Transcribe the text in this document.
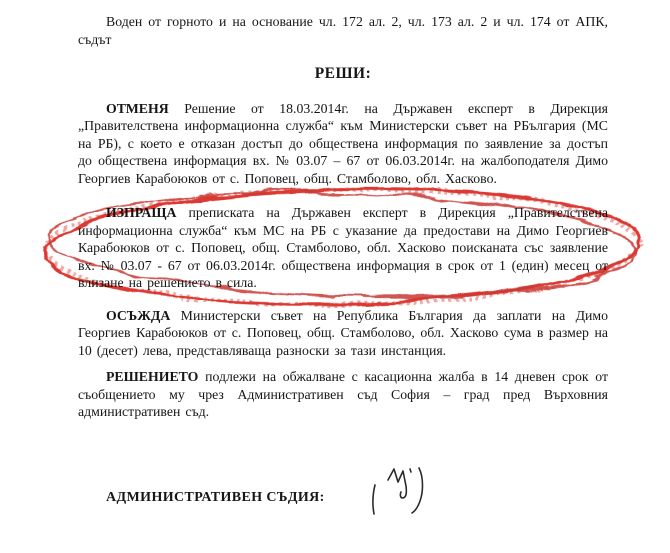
Воден от горното и на основание чл. 172 ал. 2, чл. 173 ал. 2 и чл. 174 от АПК, съдът

РЕШИ:

ОТМЕНЯ Решение от 18.03.2014г. на Държавен експерт в Дирекция „Правителствена информационна служба“ към Министерски съвет на РБългария (МС на РБ), с което е отказан достъп до обществена информация по заявление за достъп до обществена информация вх. № 03.07 – 67 от 06.03.2014г. на жалбоподателя Димо Георгиев Карабоюков от с. Поповец, общ. Стамболово, обл. Хасково.

ИЗПРАЩА преписката на Държавен експерт в Дирекция „Правителствена информационна служба“ към МС на РБ с указание да предостави на Димо Георгиев Карабоюков от с. Поповец, общ. Стамболово, обл. Хасково поисканата със заявление вх. № 03.07 - 67 от 06.03.2014г. обществена информация в срок от 1 (един) месец от влизане на решението в сила.

ОСЪЖДА Министерски съвет на Република България да заплати на Димо Георгиев Карабоюков от с. Поповец, общ. Стамболово, обл. Хасково сума в размер на 10 (десет) лева, представляваща разноски за тази инстанция.

РЕШЕНИЕТО подлежи на обжалване с касационна жалба в 14 дневен срок от съобщението му чрез Административен съд София – град пред Върховния административен съд.

АДМИНИСТРАТИВЕН СЪДИЯ:
